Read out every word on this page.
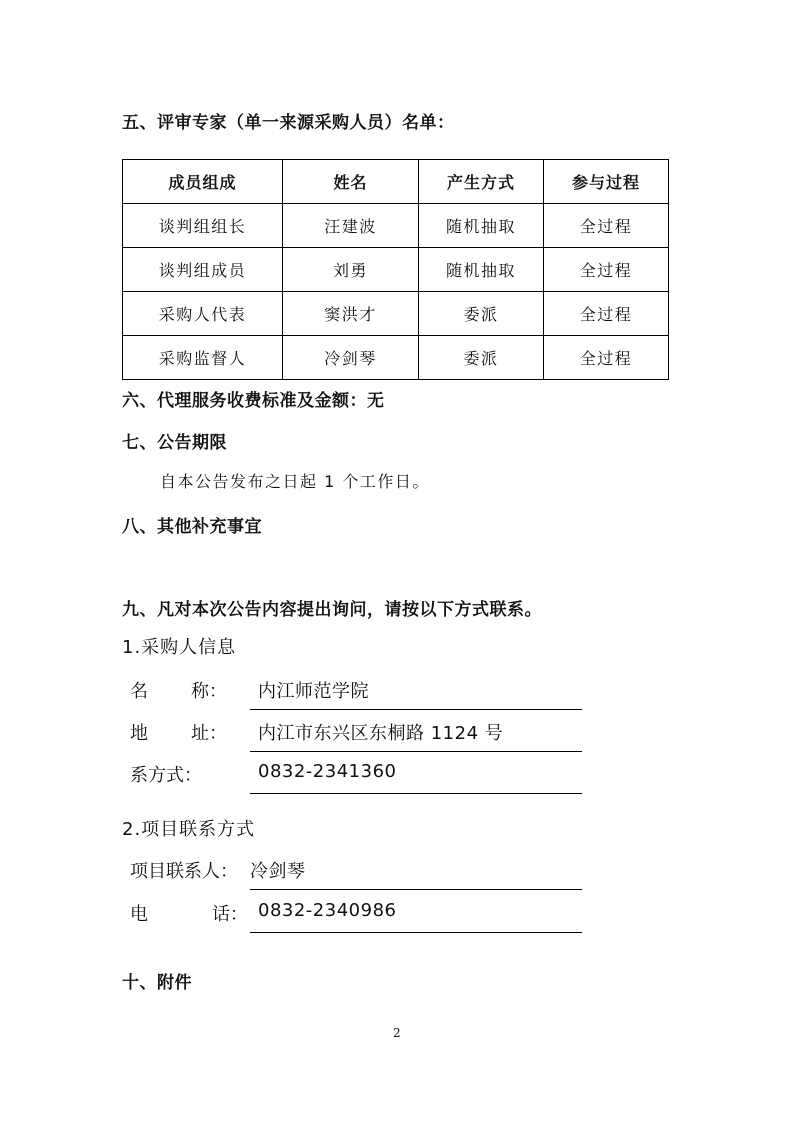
五、评审专家（单一来源采购人员）名单：
成员组成	姓名	产生方式	参与过程
谈判组组长	汪建波	随机抽取	全过程
谈判组成员	刘勇	随机抽取	全过程
采购人代表	窦洪才	委派	全过程
采购监督人	冷剑琴	委派	全过程
六、代理服务收费标准及金额：无
七、公告期限
自本公告发布之日起 1 个工作日。
八、其他补充事宜
九、凡对本次公告内容提出询问，请按以下方式联系。
1.采购人信息
名 称： 内江师范学院
地 址： 内江市东兴区东桐路 1124 号
系方式：	0832-2341360
2.项目联系方式
项目联系人： 冷剑琴
电	话： 0832-2340986
十、附件
2
